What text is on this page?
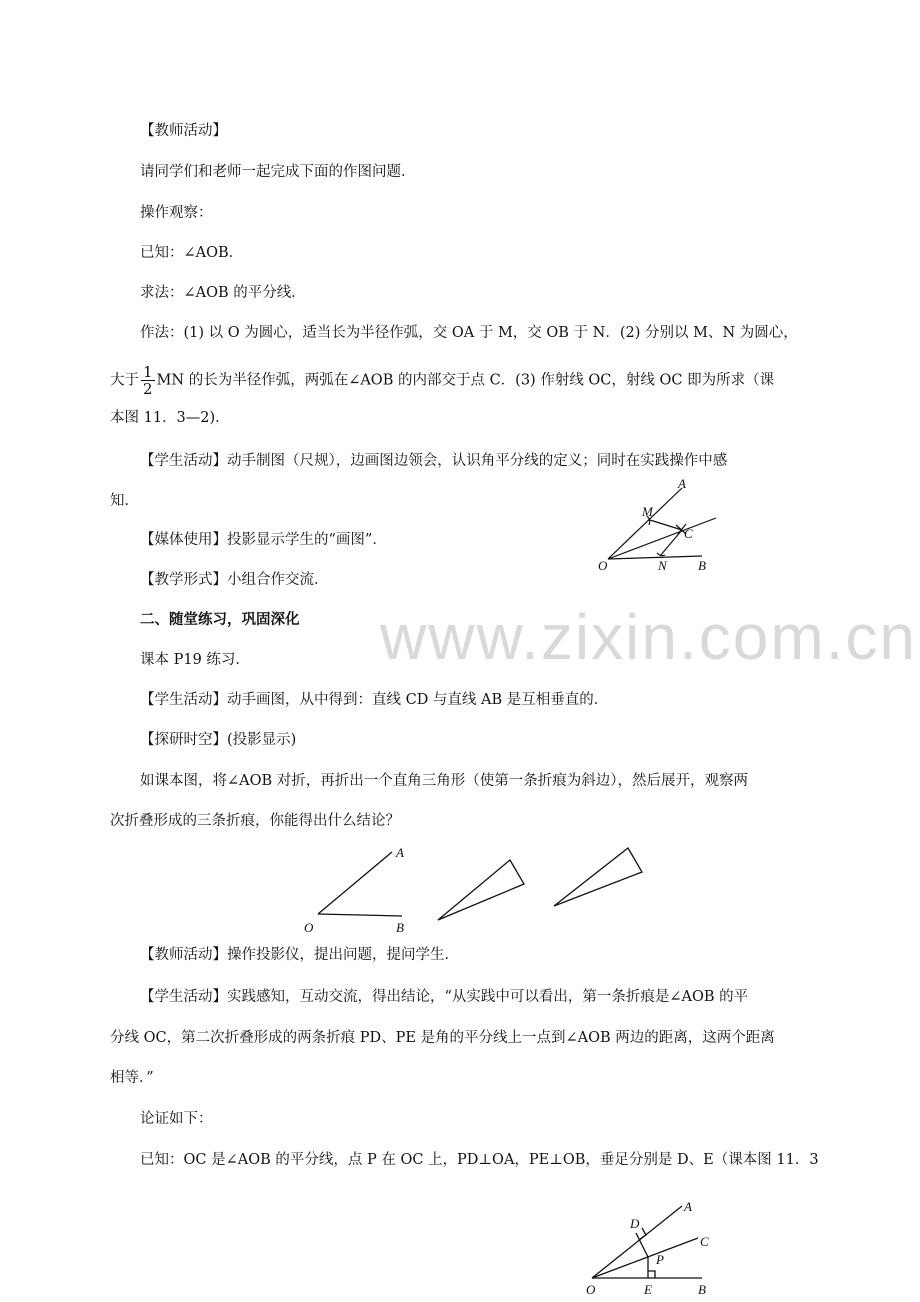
www.zixin.com.cn
【教师活动】
请同学们和老师一起完成下面的作图问题．
操作观察：
已知：∠AOB．
求法：∠AOB 的平分线．
作法：(1) 以 O 为圆心，适当长为半径作弧，交 OA 于 M，交 OB 于 N．(2) 分别以 M、N 为圆心，
大于 $\frac{1}{2}$ MN 的长为半径作弧，两弧在∠AOB 的内部交于点 C．(3) 作射线 OC，射线 OC 即为所求（课
本图 11．3—2)．
【学生活动】动手制图（尺规），边画图边领会，认识角平分线的定义；同时在实践操作中感
知．
【媒体使用】投影显示学生的“画图”．
【教学形式】小组合作交流．
二、随堂练习，巩固深化
课本 P19 练习．
【学生活动】动手画图，从中得到：直线 CD 与直线 AB 是互相垂直的．
【探研时空】(投影显示)
如课本图，将∠AOB 对折，再折出一个直角三角形（使第一条折痕为斜边），然后展开，观察两
次折叠形成的三条折痕，你能得出什么结论？
【教师活动】操作投影仪，提出问题，提问学生．
【学生活动】实践感知，互动交流，得出结论，“从实践中可以看出，第一条折痕是∠AOB 的平
分线 OC，第二次折叠形成的两条折痕 PD、PE 是角的平分线上一点到∠AOB 两边的距离，这两个距离
相等．”
论证如下：
已知：OC 是∠AOB 的平分线，点 P 在 OC 上，PD⊥OA，PE⊥OB，垂足分别是 D、E（课本图 11．3
A
M
C
O	N B
A
O	B
A
D
C
P
O	E	B
